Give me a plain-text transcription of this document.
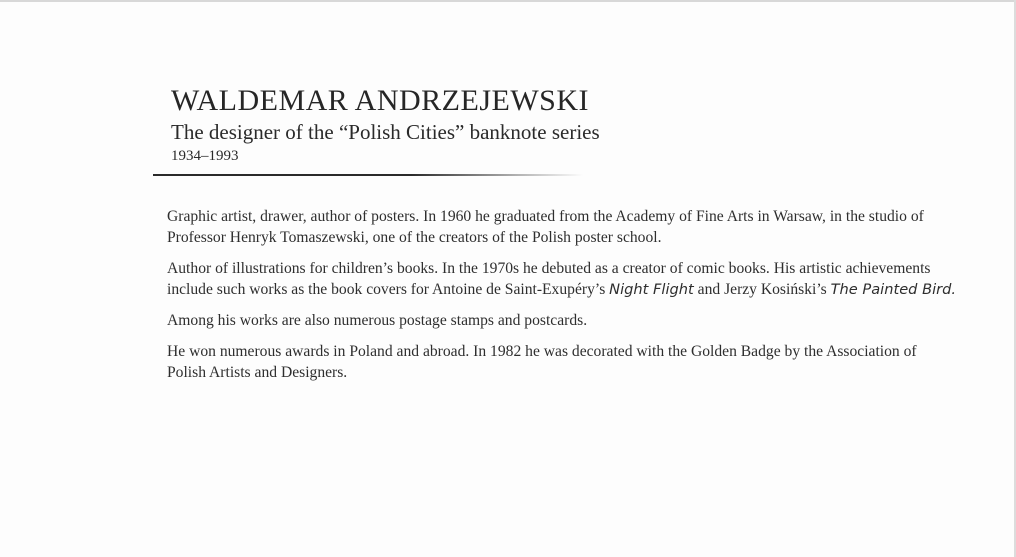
WALDEMAR ANDRZEJEWSKI
The designer of the “Polish Cities” banknote series
1934–1993

Graphic artist, drawer, author of posters. In 1960 he graduated from the Academy of Fine Arts in Warsaw, in the studio of Professor Henryk Tomaszewski, one of the creators of the Polish poster school.

Author of illustrations for children’s books. In the 1970s he debuted as a creator of comic books. His artistic achievements include such works as the book covers for Antoine de Saint-Exupéry’s Night Flight and Jerzy Kosiński’s The Painted Bird.

Among his works are also numerous postage stamps and postcards.

He won numerous awards in Poland and abroad. In 1982 he was decorated with the Golden Badge by the Association of Polish Artists and Designers.
